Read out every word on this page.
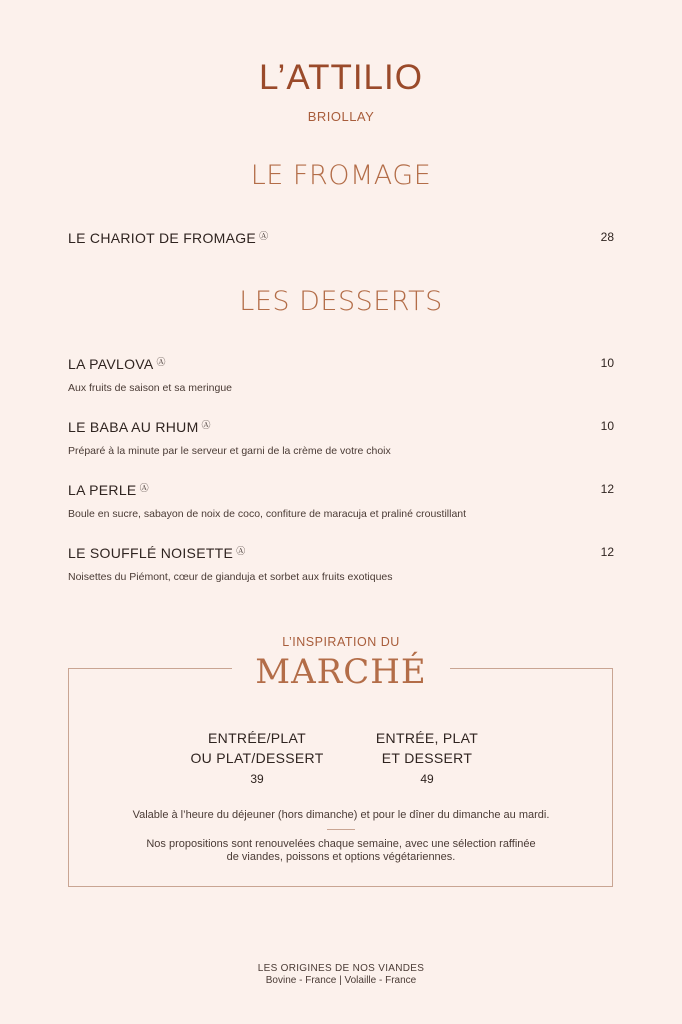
L’ATTILIO
BRIOLLAY
LE FROMAGE
LE CHARIOT DE FROMAGE Ⓐ	28
LES DESSERTS
LA PAVLOVA Ⓐ	10
Aux fruits de saison et sa meringue
LE BABA AU RHUM Ⓐ	10
Préparé à la minute par le serveur et garni de la crème de votre choix
LA PERLE Ⓐ	12
Boule en sucre, sabayon de noix de coco, confiture de maracuja et praliné croustillant
LE SOUFFLÉ NOISETTE Ⓐ	12
Noisettes du Piémont, cœur de gianduja et sorbet aux fruits exotiques
L’INSPIRATION DU
MARCHÉ
ENTRÉE/PLAT
OU PLAT/DESSERT
39
ENTRÉE, PLAT
ET DESSERT
49
Valable à l’heure du déjeuner (hors dimanche) et pour le dîner du dimanche au mardi.
Nos propositions sont renouvelées chaque semaine, avec une sélection raffinée
de viandes, poissons et options végétariennes.
LES ORIGINES DE NOS VIANDES
Bovine - France | Volaille - France
